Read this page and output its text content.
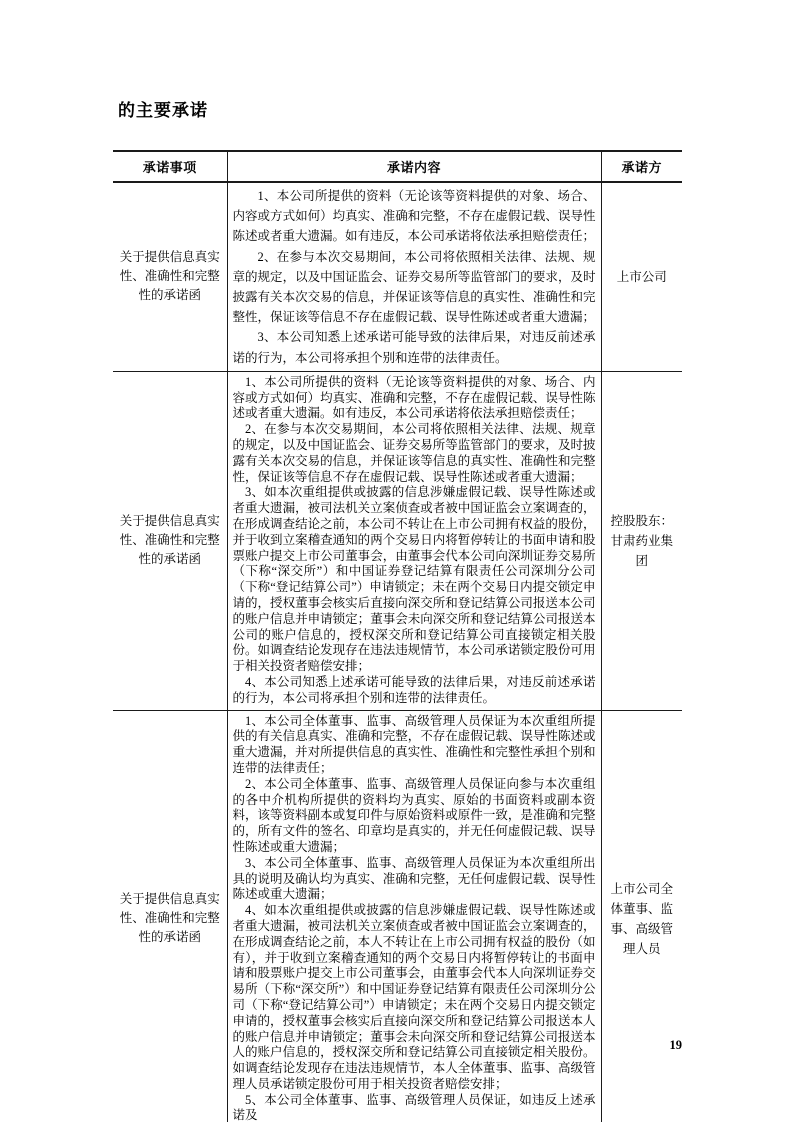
的主要承诺
承诺事项	承诺内容	承诺方
关于提供信息真实性、准确性和完整性的承诺函	1、本公司所提供的资料（无论该等资料提供的对象、场合、内容或方式如何）均真实、准确和完整，不存在虚假记载、误导性陈述或者重大遗漏。如有违反，本公司承诺将依法承担赔偿责任；

2、在参与本次交易期间，本公司将依照相关法律、法规、规章的规定，以及中国证监会、证券交易所等监管部门的要求，及时披露有关本次交易的信息，并保证该等信息的真实性、准确性和完整性，保证该等信息不存在虚假记载、误导性陈述或者重大遗漏；

3、本公司知悉上述承诺可能导致的法律后果，对违反前述承诺的行为，本公司将承担个别和连带的法律责任。	上市公司
关于提供信息真实性、准确性和完整性的承诺函	1、本公司所提供的资料（无论该等资料提供的对象、场合、内容或方式如何）均真实、准确和完整，不存在虚假记载、误导性陈述或者重大遗漏。如有违反，本公司承诺将依法承担赔偿责任；

2、在参与本次交易期间，本公司将依照相关法律、法规、规章的规定，以及中国证监会、证券交易所等监管部门的要求，及时披露有关本次交易的信息，并保证该等信息的真实性、准确性和完整性，保证该等信息不存在虚假记载、误导性陈述或者重大遗漏；

3、如本次重组提供或披露的信息涉嫌虚假记载、误导性陈述或者重大遗漏，被司法机关立案侦查或者被中国证监会立案调查的，在形成调查结论之前，本公司不转让在上市公司拥有权益的股份，并于收到立案稽查通知的两个交易日内将暂停转让的书面申请和股票账户提交上市公司董事会，由董事会代本公司向深圳证券交易所（下称“深交所”）和中国证券登记结算有限责任公司深圳分公司（下称“登记结算公司”）申请锁定；未在两个交易日内提交锁定申请的，授权董事会核实后直接向深交所和登记结算公司报送本公司的账户信息并申请锁定；董事会未向深交所和登记结算公司报送本公司的账户信息的，授权深交所和登记结算公司直接锁定相关股份。如调查结论发现存在违法违规情节，本公司承诺锁定股份可用于相关投资者赔偿安排；

4、本公司知悉上述承诺可能导致的法律后果，对违反前述承诺的行为，本公司将承担个别和连带的法律责任。	控股股东：甘肃药业集团
关于提供信息真实性、准确性和完整性的承诺函	1、本公司全体董事、监事、高级管理人员保证为本次重组所提供的有关信息真实、准确和完整，不存在虚假记载、误导性陈述或重大遗漏，并对所提供信息的真实性、准确性和完整性承担个别和连带的法律责任；

2、本公司全体董事、监事、高级管理人员保证向参与本次重组的各中介机构所提供的资料均为真实、原始的书面资料或副本资料，该等资料副本或复印件与原始资料或原件一致，是准确和完整的，所有文件的签名、印章均是真实的，并无任何虚假记载、误导性陈述或重大遗漏；

3、本公司全体董事、监事、高级管理人员保证为本次重组所出具的说明及确认均为真实、准确和完整，无任何虚假记载、误导性陈述或重大遗漏；

4、如本次重组提供或披露的信息涉嫌虚假记载、误导性陈述或者重大遗漏，被司法机关立案侦查或者被中国证监会立案调查的，在形成调查结论之前，本人不转让在上市公司拥有权益的股份（如有），并于收到立案稽查通知的两个交易日内将暂停转让的书面申请和股票账户提交上市公司董事会，由董事会代本人向深圳证券交易所（下称“深交所”）和中国证券登记结算有限责任公司深圳分公司（下称“登记结算公司”）申请锁定；未在两个交易日内提交锁定申请的，授权董事会核实后直接向深交所和登记结算公司报送本人的账户信息并申请锁定；董事会未向深交所和登记结算公司报送本人的账户信息的，授权深交所和登记结算公司直接锁定相关股份。如调查结论发现存在违法违规情节，本人全体董事、监事、高级管理人员承诺锁定股份可用于相关投资者赔偿安排；

5、本公司全体董事、监事、高级管理人员保证，如违反上述承诺及	上市公司全体董事、监事、高级管理人员
19
